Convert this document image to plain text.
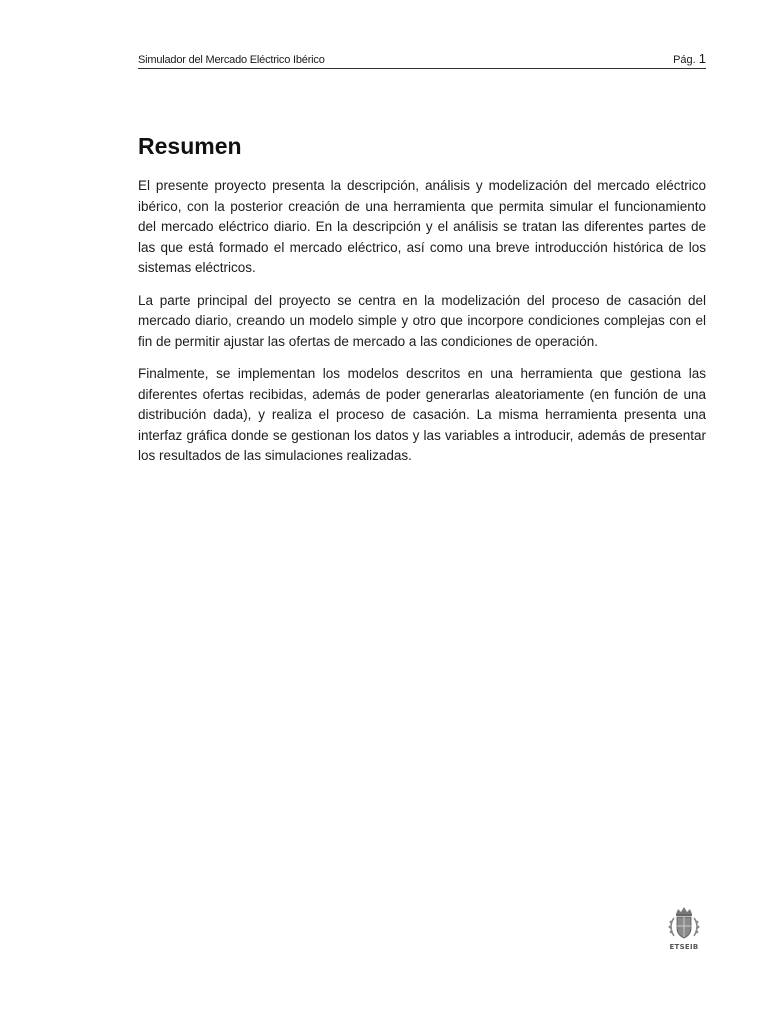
Simulador del Mercado Eléctrico Ibérico	Pág. 1
Resumen

El presente proyecto presenta la descripción, análisis y modelización del mercado eléctrico ibérico, con la posterior creación de una herramienta que permita simular el funcionamiento del mercado eléctrico diario. En la descripción y el análisis se tratan las diferentes partes de las que está formado el mercado eléctrico, así como una breve introducción histórica de los sistemas eléctricos.

La parte principal del proyecto se centra en la modelización del proceso de casación del mercado diario, creando un modelo simple y otro que incorpore condiciones complejas con el fin de permitir ajustar las ofertas de mercado a las condiciones de operación.

Finalmente, se implementan los modelos descritos en una herramienta que gestiona las diferentes ofertas recibidas, además de poder generarlas aleatoriamente (en función de una distribución dada), y realiza el proceso de casación. La misma herramienta presenta una interfaz gráfica donde se gestionan los datos y las variables a introducir, además de presentar los resultados de las simulaciones realizadas.

ETSEIB
